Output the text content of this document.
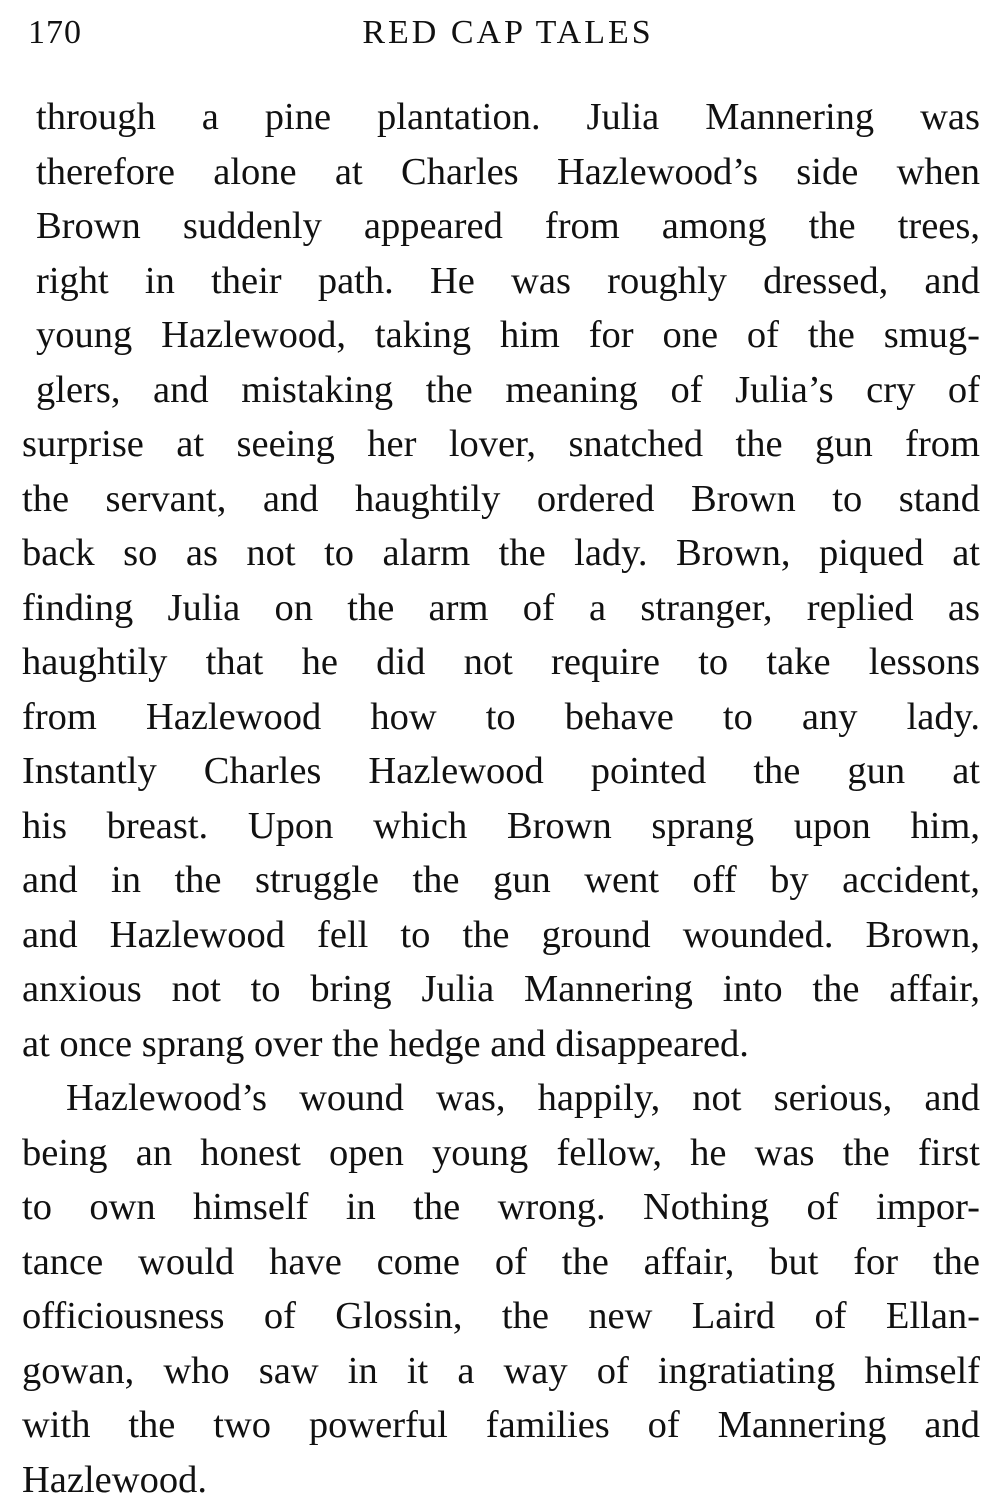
170	RED CAP TALES
through a pine plantation. Julia Mannering was
therefore alone at Charles Hazlewood’s side when
Brown suddenly appeared from among the trees,
right in their path. He was roughly dressed, and
young Hazlewood, taking him for one of the smug-
glers, and mistaking the meaning of Julia’s cry of
surprise at seeing her lover, snatched the gun from
the servant, and haughtily ordered Brown to stand
back so as not to alarm the lady. Brown, piqued at
finding Julia on the arm of a stranger, replied as
haughtily that he did not require to take lessons
from Hazlewood how to behave to any lady.
Instantly Charles Hazlewood pointed the gun at
his breast. Upon which Brown sprang upon him,
and in the struggle the gun went off by accident,
and Hazlewood fell to the ground wounded. Brown,
anxious not to bring Julia Mannering into the affair,
at once sprang over the hedge and disappeared.
Hazlewood’s wound was, happily, not serious, and
being an honest open young fellow, he was the first
to own himself in the wrong. Nothing of impor-
tance would have come of the affair, but for the
officiousness of Glossin, the new Laird of Ellan-
gowan, who saw in it a way of ingratiating himself
with the two powerful families of Mannering and
Hazlewood.
